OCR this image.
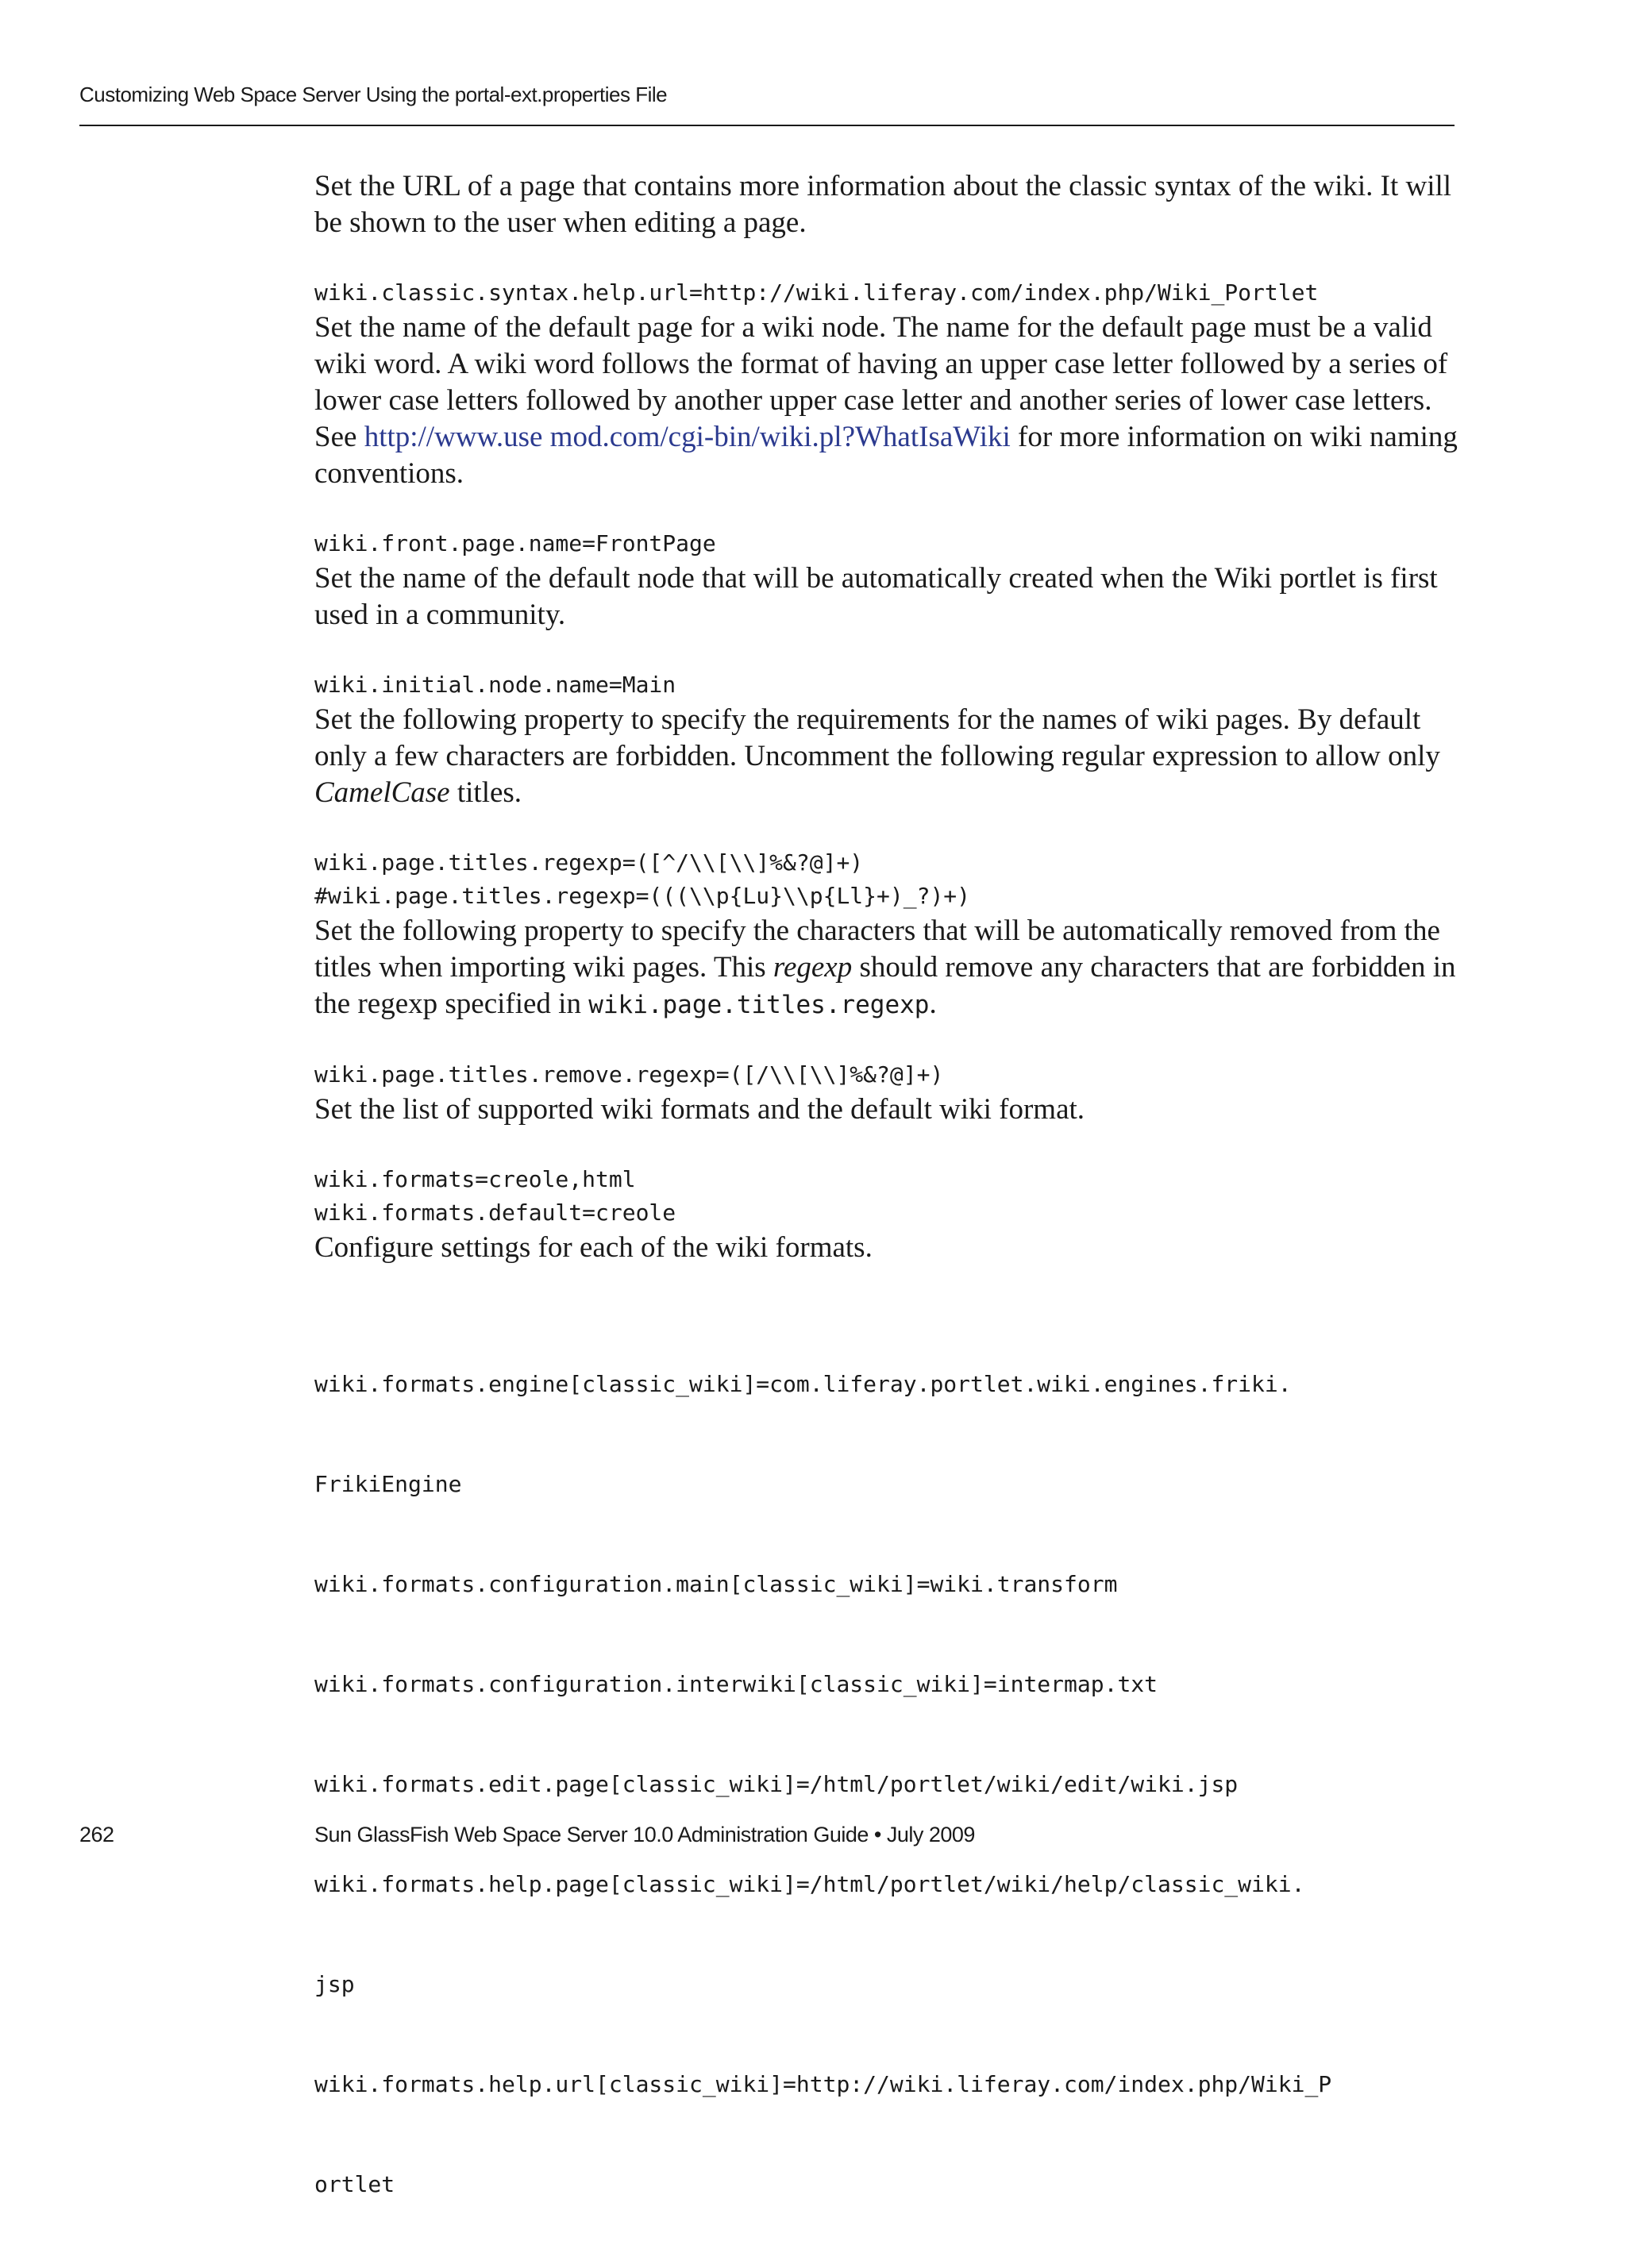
Customizing Web Space Server Using the portal-ext.properties File

Set the URL of a page that contains more information about the classic syntax of the wiki. It will be shown to the user when editing a page.

wiki.classic.syntax.help.url=http://wiki.liferay.com/index.php/Wiki_Portlet

Set the name of the default page for a wiki node. The name for the default page must be a valid wiki word. A wiki word follows the format of having an upper case letter followed by a series of lower case letters followed by another upper case letter and another series of lower case letters. See http://www.use mod.com/cgi-bin/wiki.pl?WhatIsaWiki for more information on wiki naming conventions.

wiki.front.page.name=FrontPage

Set the name of the default node that will be automatically created when the Wiki portlet is first used in a community.

wiki.initial.node.name=Main

Set the following property to specify the requirements for the names of wiki pages. By default only a few characters are forbidden. Uncomment the following regular expression to allow only CamelCase titles.

wiki.page.titles.regexp=([^/\\[\\]%&?@]+)
#wiki.page.titles.regexp=(((\\p{Lu}\\p{Ll}+)_?)+)

Set the following property to specify the characters that will be automatically removed from the titles when importing wiki pages. This regexp should remove any characters that are forbidden in the regexp specified in wiki.page.titles.regexp.

wiki.page.titles.remove.regexp=([/\\[\\]%&?@]+)

Set the list of supported wiki formats and the default wiki format.

wiki.formats=creole,html
wiki.formats.default=creole

Configure settings for each of the wiki formats.

wiki.formats.engine[classic_wiki]=com.liferay.portlet.wiki.engines.friki.

FrikiEngine

wiki.formats.configuration.main[classic_wiki]=wiki.transform

wiki.formats.configuration.interwiki[classic_wiki]=intermap.txt

wiki.formats.edit.page[classic_wiki]=/html/portlet/wiki/edit/wiki.jsp

wiki.formats.help.page[classic_wiki]=/html/portlet/wiki/help/classic_wiki.

jsp

wiki.formats.help.url[classic_wiki]=http://wiki.liferay.com/index.php/Wiki_P

ortlet

262	Sun GlassFish Web Space Server 10.0 Administration Guide • July 2009
